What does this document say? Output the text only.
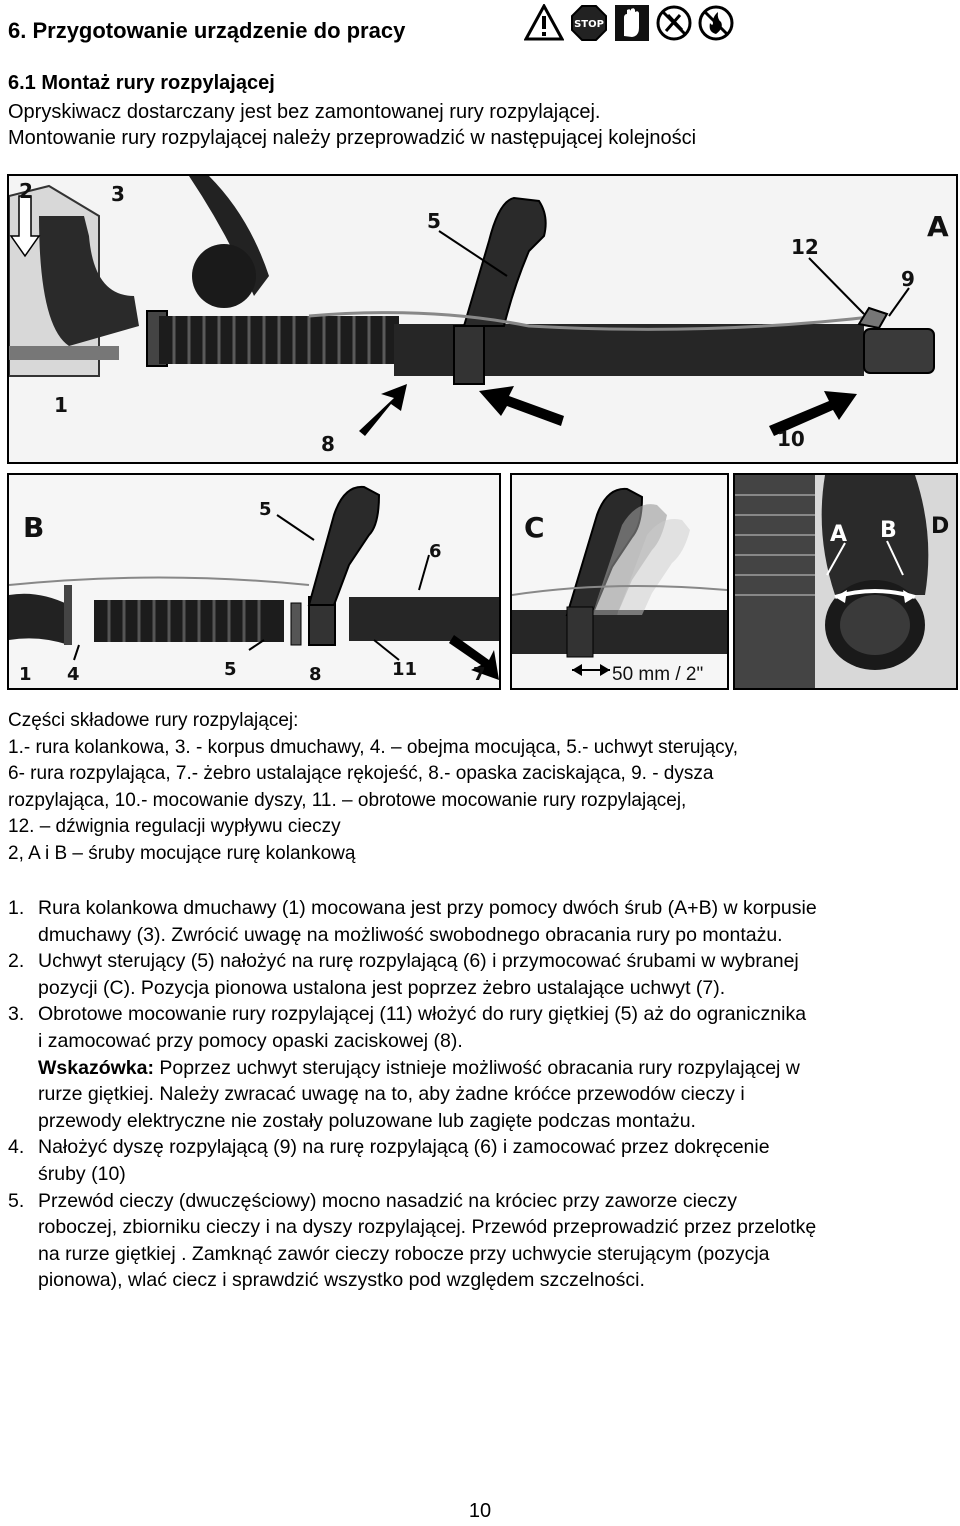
6. Przygotowanie urządzenie do pracy	STOP
6.1 Montaż rury rozpylającej
Opryskiwacz dostarczany jest bez zamontowanej rury rozpylającej.
Montowanie rury rozpylającej należy przeprowadzić w następującej kolejności
2	3
5	A
12
9
1
8	10
B
5
6
1 4	5	8	11	7
C
50 mm / 2"
A B D
Części składowe rury rozpylającej:
1.- rura kolankowa, 3. - korpus dmuchawy, 4. – obejma mocująca, 5.- uchwyt sterujący,
6- rura rozpylająca, 7.- żebro ustalające rękojeść, 8.- opaska zaciskająca, 9. - dysza
rozpylająca, 10.- mocowanie dyszy, 11. – obrotowe mocowanie rury rozpylającej,
12. – dźwignia regulacji wypływu cieczy
2, A i B – śruby mocujące rurę kolankową
1. Rura kolankowa dmuchawy (1) mocowana jest przy pomocy dwóch śrub (A+B) w korpusie
dmuchawy (3). Zwrócić uwagę na możliwość swobodnego obracania rury po montażu.
2. Uchwyt sterujący (5) nałożyć na rurę rozpylającą (6) i przymocować śrubami w wybranej
pozycji (C). Pozycja pionowa ustalona jest poprzez żebro ustalające uchwyt (7).
3. Obrotowe mocowanie rury rozpylającej (11) włożyć do rury giętkiej (5) aż do ogranicznika
i zamocować przy pomocy opaski zaciskowej (8).
Wskazówka: Poprzez uchwyt sterujący istnieje możliwość obracania rury rozpylającej w
rurze giętkiej. Należy zwracać uwagę na to, aby żadne króćce przewodów cieczy i
przewody elektryczne nie zostały poluzowane lub zagięte podczas montażu.
4. Nałożyć dyszę rozpylającą (9) na rurę rozpylającą (6) i zamocować przez dokręcenie
śruby (10)
5. Przewód cieczy (dwuczęściowy) mocno nasadzić na króciec przy zaworze cieczy
roboczej, zbiorniku cieczy i na dyszy rozpylającej. Przewód przeprowadzić przez przelotkę
na rurze giętkiej . Zamknąć zawór cieczy robocze przy uchwycie sterującym (pozycja
pionowa), wlać ciecz i sprawdzić wszystko pod względem szczelności.
10
